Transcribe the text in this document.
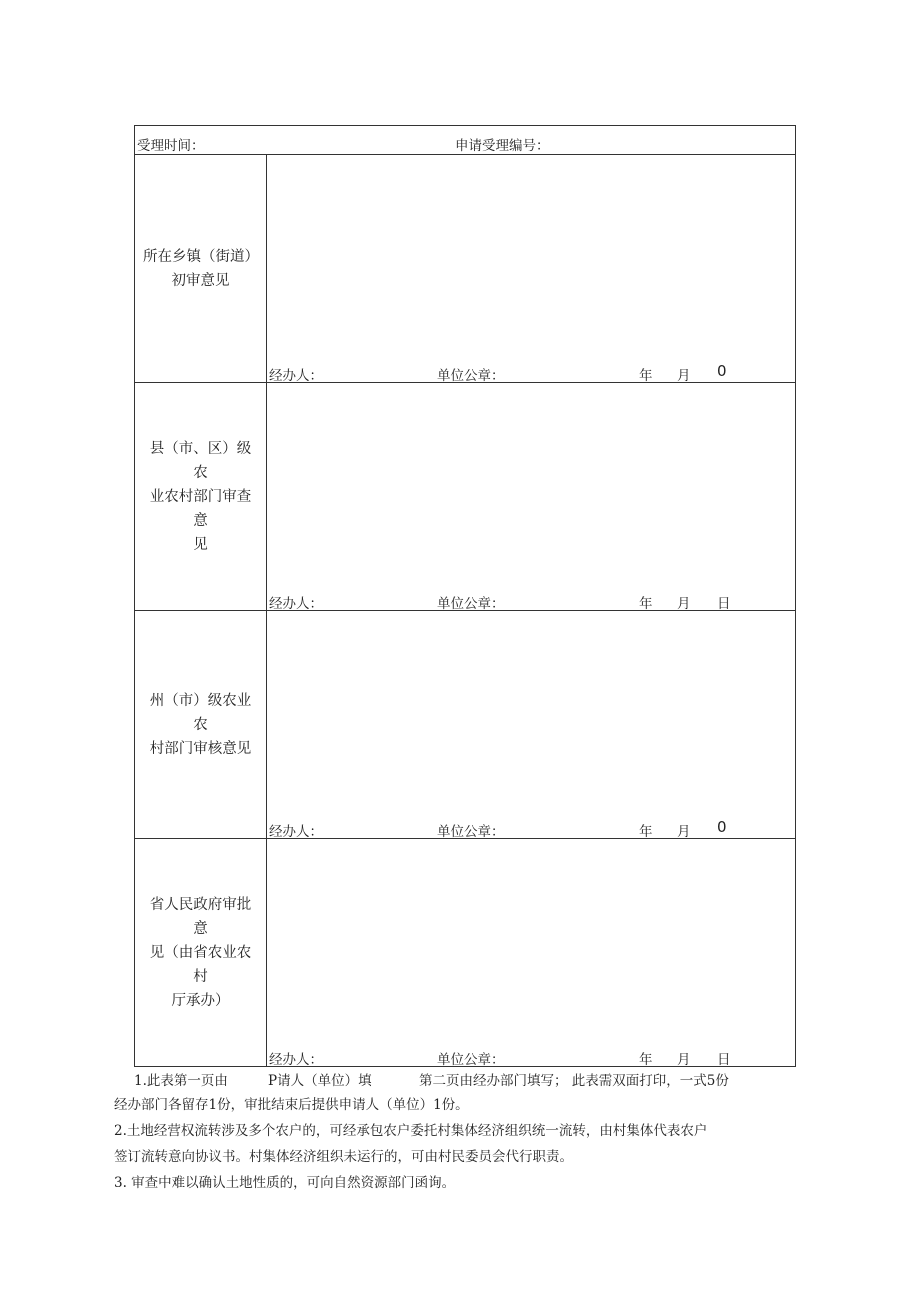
受理时间：	申请受理编号：
所在乡镇（街道）
初审意见
经办人：	单位公章：	年 月 0
县（市、区）级农
业农村部门审查意
见
经办人：	单位公章：	年 月 日
州（市）级农业农
村部门审核意见
经办人：	单位公章：	年 月 0
省人民政府审批意
见（由省农业农村
厅承办）
经办人：	单位公章：	年 月 日
1.此表第一页由	P请人（单位）填	第二页由经办部门填写； 此表需双面打印，一式5份
经办部门各留存1份，审批结束后提供申请人（单位）1份。
2.土地经营权流转涉及多个农户的，可经承包农户委托村集体经济组织统一流转，由村集体代表农户
签订流转意向协议书。村集体经济组织未运行的，可由村民委员会代行职责。
3. 审查中难以确认土地性质的，可向自然资源部门函询。
